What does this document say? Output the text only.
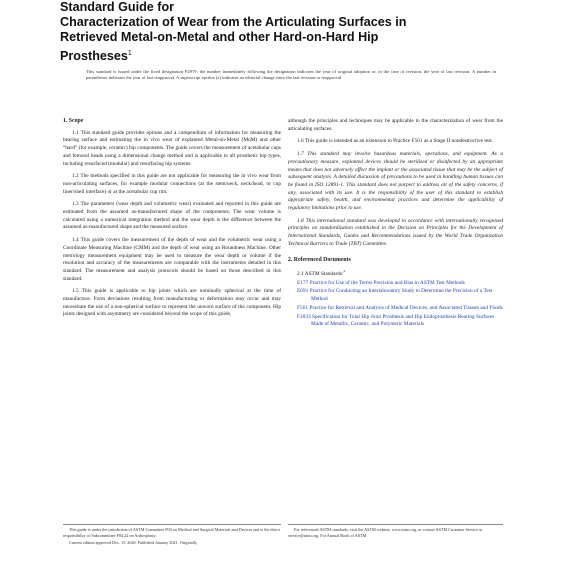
Standard Guide for
Characterization of Wear from the Articulating Surfaces in
Retrieved Metal-on-Metal and other Hard-on-Hard Hip
Prostheses$^1$
This standard is issued under the fixed designation F2979; the number immediately following the designation indicates the year of original adoption or, in the case of revision, the year of last revision. A number in parentheses indicates the year of last reapproval. A superscript epsilon (ε) indicates an editorial change since the last revision or reapproval.
1. Scope

1.1 This standard guide provides options and a compendium of information for measuring the bearing surface and estimating the in vivo wear of explanted Metal-on-Metal (MoM) and other “hard” (for example, ceramic) hip components. The guide covers the measurement of acetabular cups and femoral heads using a dimensional change method and is applicable to all prosthetic hip types, including resurfaced (modular) and resurfacing hip systems.

1.2 The methods specified in this guide are not applicable for measuring the in vivo wear from non-articulating surfaces, for example modular connections (at the stem/neck, neck/head, or cup liner/shell interface) or at the acetabular cup rim.

1.3 The parameters (wear depth and volumetric wear) evaluated and reported in this guide are estimated from the assumed as-manufactured shape of the components. The wear volume is calculated using a numerical integration method and the wear depth is the difference between the assumed as-manufactured shape and the measured surface.

1.4 This guide covers the measurement of the depth of wear and the volumetric wear using a Coordinate Measuring Machine (CMM) and the depth of wear using an Roundness Machine. Other metrology measurement equipment may be used to measure the wear depth or volume if the resolution and accuracy of the measurements are comparable with the instruments detailed in this standard. The measurement and analysis protocols should be based on those described in this standard.

1.5 This guide is applicable to hip joints which are nominally spherical at the time of manufacture. Form deviations resulting from manufacturing or deformation may occur and may necessitate the use of a non-spherical surface to represent the unworn surface of the component. Hip joints designed with asymmetry are considered beyond the scope of this guide,

although the principles and techniques may be applicable to the characterization of wear from the articulating surfaces.

1.6 This guide is intended as an extension to Practice F561 as a Stage II nondestructive test.

1.7 This standard may involve hazardous materials, operations, and equipment. As a precautionary measure, explanted devices should be sterilized or disinfected by an appropriate means that does not adversely affect the implant or the associated tissue that may be the subject of subsequent analysis. A detailed discussion of precautions to be used in handling human tissues can be found in ISO 12891-1. This standard does not purport to address all of the safety concerns, if any, associated with its use. It is the responsibility of the user of this standard to establish appropriate safety, health, and environmental practices and determine the applicability of regulatory limitations prior to use.

1.8 This international standard was developed in accordance with internationally recognized principles on standardization established in the Decision on Principles for the Development of International Standards, Guides and Recommendations issued by the World Trade Organization Technical Barriers to Trade (TBT) Committee.

2. Referenced Documents
2.1 ASTM Standards:$^2$
E177 Practice for Use of the Terms Precision and Bias in ASTM Test Methods
E691 Practice for Conducting an Interlaboratory Study to Determine the Precision of a Test Method
F561 Practice for Retrieval and Analysis of Medical Devices, and Associated Tissues and Fluids
F2033 Specification for Total Hip Joint Prosthesis and Hip Endoprosthesis Bearing Surfaces Made of Metallic, Ceramic, and Polymeric Materials

This guide is under the jurisdiction of ASTM Committee F04 on Medical and Surgical Materials and Devices and is the direct responsibility of Subcommittee F04.22 on Arthroplasty.

Current edition approved Dec. 15, 2020. Published January 2021. Originally

For referenced ASTM standards, visit the ASTM website, www.astm.org, or contact ASTM Customer Service at service@astm.org. For Annual Book of ASTM
